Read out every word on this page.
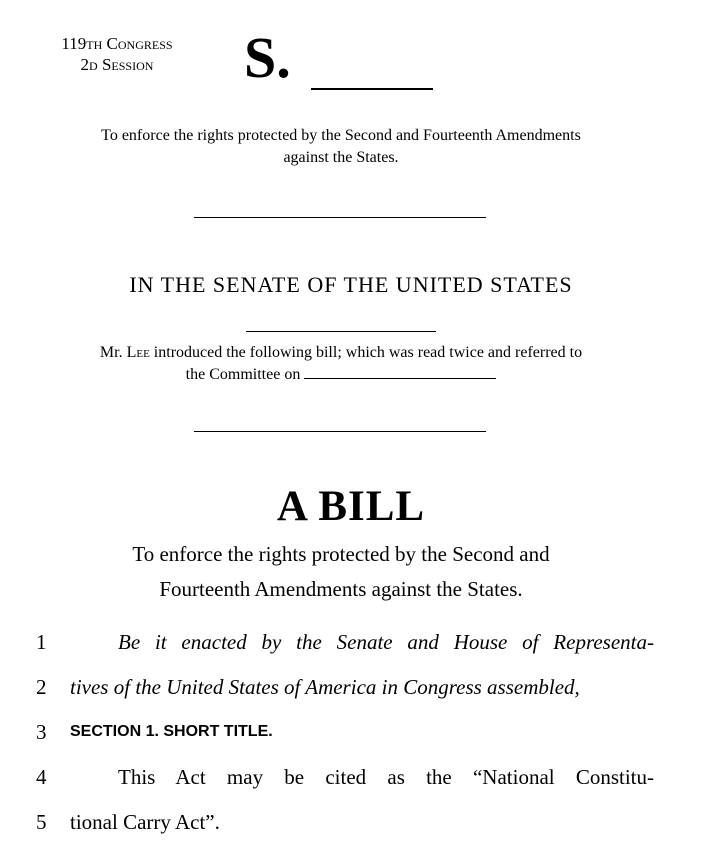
119th Congress
2d Session	S.
To enforce the rights protected by the Second and Fourteenth Amendments
against the States.
IN THE SENATE OF THE UNITED STATES
Mr. Lee introduced the following bill; which was read twice and referred to
the Committee on
A BILL
To enforce the rights protected by the Second and
Fourteenth Amendments against the States.
1	Be it enacted by the Senate and House of Representa-
2	tives of the United States of America in Congress assembled,
3	SECTION 1. SHORT TITLE.
4	This Act may be cited as the “National Constitu-
5	tional Carry Act”.
